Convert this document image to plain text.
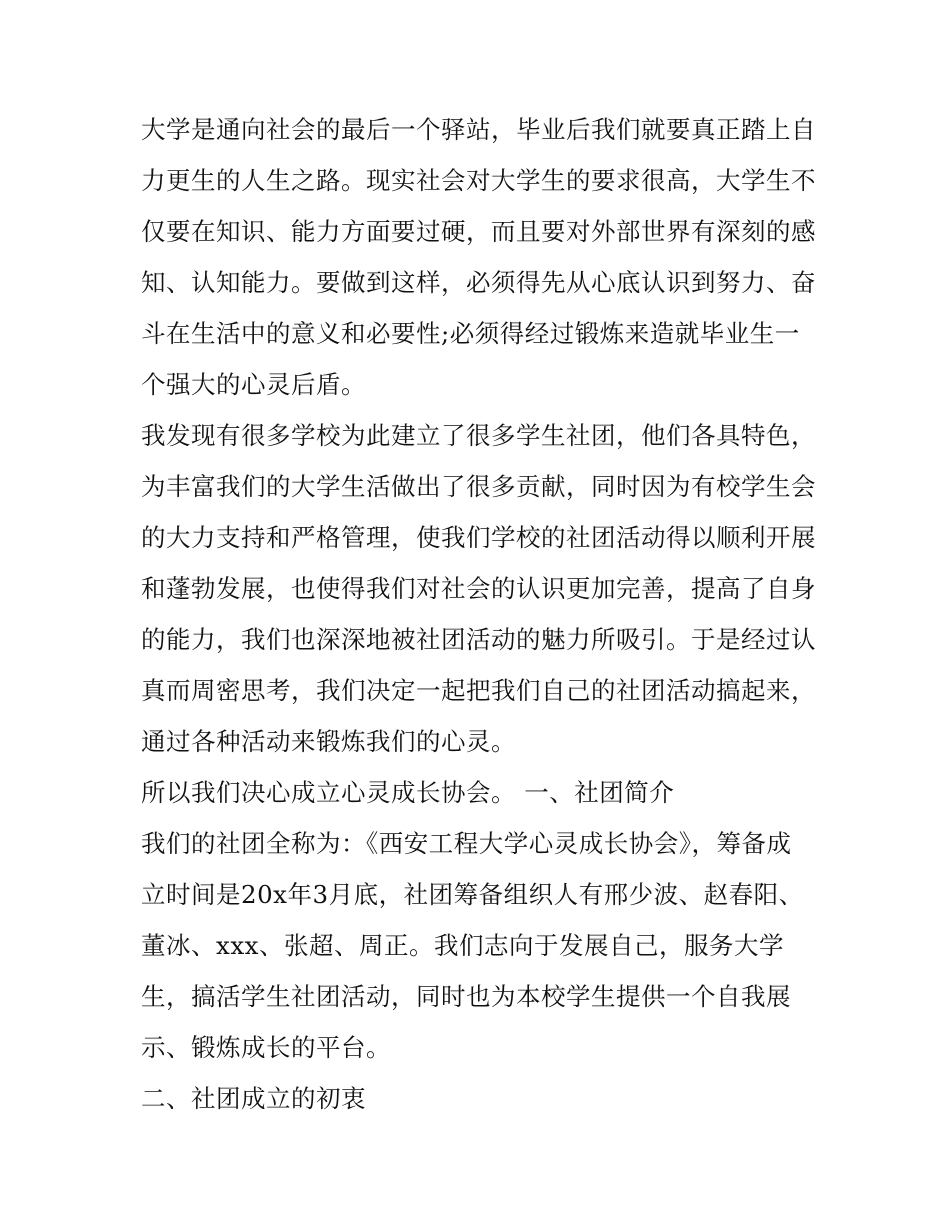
大学是通向社会的最后一个驿站，毕业后我们就要真正踏上自
力更生的人生之路。现实社会对大学生的要求很高，大学生不
仅要在知识、能力方面要过硬，而且要对外部世界有深刻的感
知、认知能力。要做到这样，必须得先从心底认识到努力、奋
斗在生活中的意义和必要性;必须得经过锻炼来造就毕业生一
个强大的心灵后盾。
我发现有很多学校为此建立了很多学生社团，他们各具特色，
为丰富我们的大学生活做出了很多贡献，同时因为有校学生会
的大力支持和严格管理，使我们学校的社团活动得以顺利开展
和蓬勃发展，也使得我们对社会的认识更加完善，提高了自身
的能力，我们也深深地被社团活动的魅力所吸引。于是经过认
真而周密思考，我们决定一起把我们自己的社团活动搞起来，
通过各种活动来锻炼我们的心灵。
所以我们决心成立心灵成长协会。 一、社团简介
我们的社团全称为：《西安工程大学心灵成长协会》，筹备成
立时间是20x年3月底，社团筹备组织人有邢少波、赵春阳、
董冰、xxx、张超、周正。我们志向于发展自己，服务大学
生，搞活学生社团活动，同时也为本校学生提供一个自我展
示、锻炼成长的平台。
二、社团成立的初衷
